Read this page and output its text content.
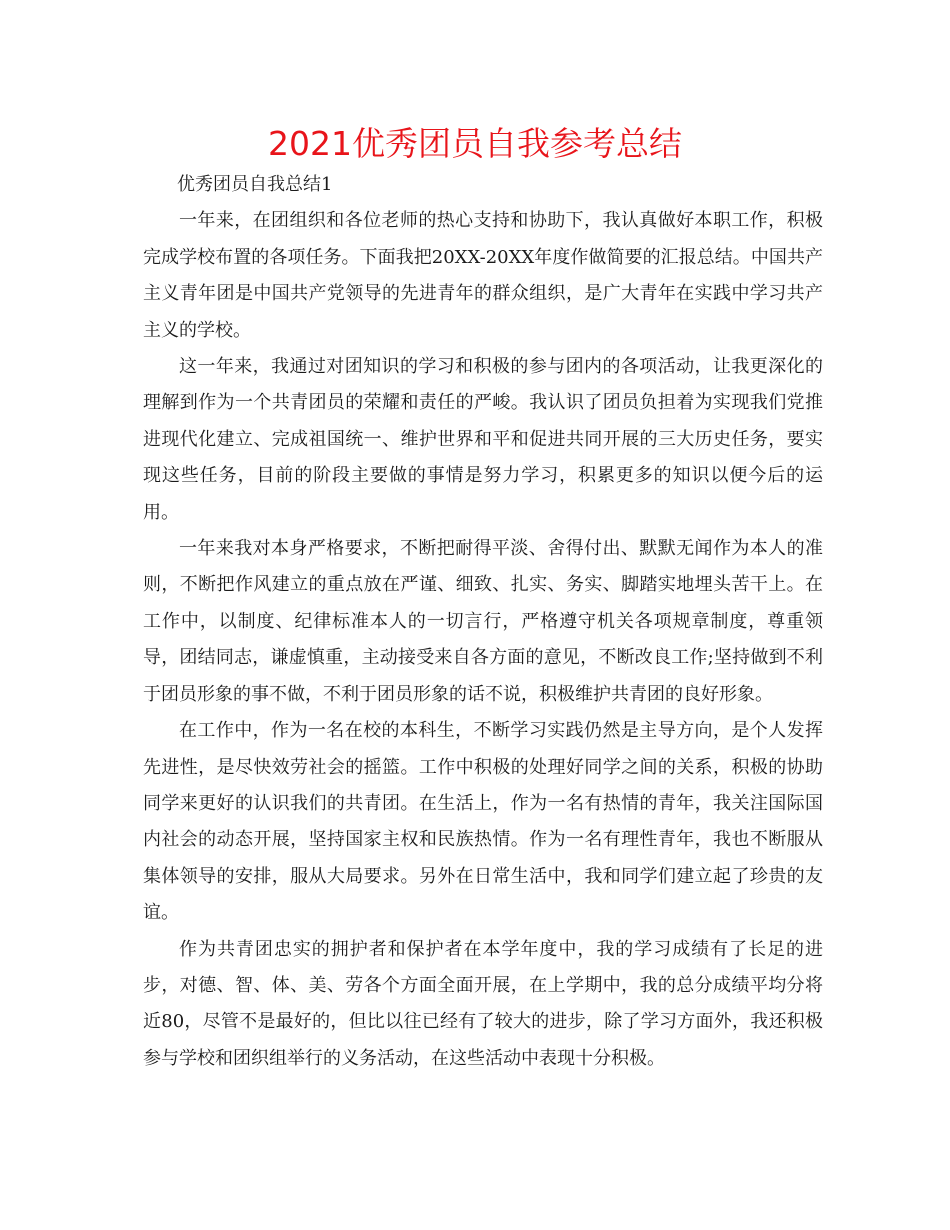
2021优秀团员自我参考总结

优秀团员自我总结1

一年来，在团组织和各位老师的热心支持和协助下，我认真做好本职工作，积极完成学校布置的各项任务。下面我把20XX-20XX年度作做简要的汇报总结。中国共产主义青年团是中国共产党领导的先进青年的群众组织，是广大青年在实践中学习共产主义的学校。

这一年来，我通过对团知识的学习和积极的参与团内的各项活动，让我更深化的理解到作为一个共青团员的荣耀和责任的严峻。我认识了团员负担着为实现我们党推进现代化建立、完成祖国统一、维护世界和平和促进共同开展的三大历史任务，要实现这些任务，目前的阶段主要做的事情是努力学习，积累更多的知识以便今后的运用。

一年来我对本身严格要求，不断把耐得平淡、舍得付出、默默无闻作为本人的准则，不断把作风建立的重点放在严谨、细致、扎实、务实、脚踏实地埋头苦干上。在工作中，以制度、纪律标准本人的一切言行，严格遵守机关各项规章制度，尊重领导，团结同志，谦虚慎重，主动接受来自各方面的意见，不断改良工作;坚持做到不利于团员形象的事不做，不利于团员形象的话不说，积极维护共青团的良好形象。

在工作中，作为一名在校的本科生，不断学习实践仍然是主导方向，是个人发挥先进性，是尽快效劳社会的摇篮。工作中积极的处理好同学之间的关系，积极的协助同学来更好的认识我们的共青团。在生活上，作为一名有热情的青年，我关注国际国内社会的动态开展，坚持国家主权和民族热情。作为一名有理性青年，我也不断服从集体领导的安排，服从大局要求。另外在日常生活中，我和同学们建立起了珍贵的友谊。

作为共青团忠实的拥护者和保护者在本学年度中，我的学习成绩有了长足的进步，对德、智、体、美、劳各个方面全面开展，在上学期中，我的总分成绩平均分将近80，尽管不是最好的，但比以往已经有了较大的进步，除了学习方面外，我还积极参与学校和团织组举行的义务活动，在这些活动中表现十分积极。
